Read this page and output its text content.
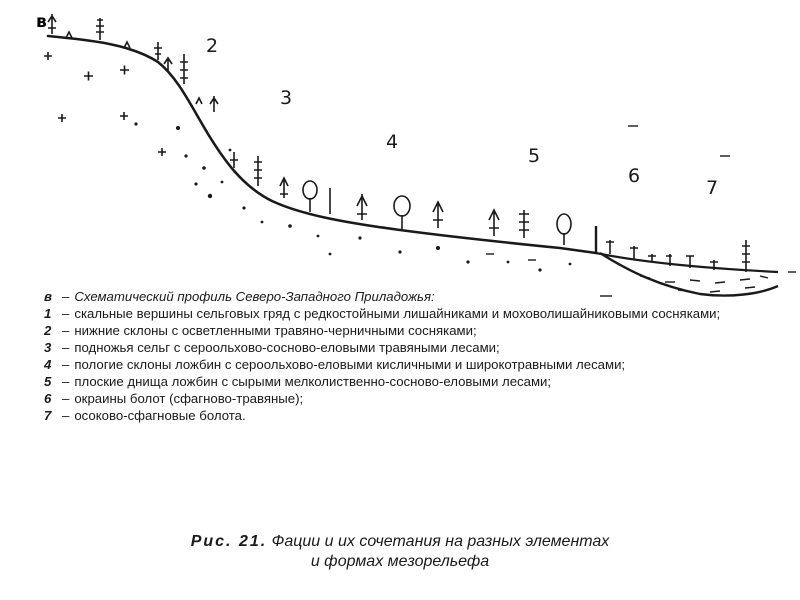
в
2
3
4
5
6
7
в – Схематический профиль Северо-Западного Приладожья:
1 – скальные вершины сельговых гряд с редкостойными лишайниками и моховолишайниковыми сосняками;
2 – нижние склоны с осветленными травяно-черничными сосняками;
3 – подножья сельг с сероольхово-сосново-еловыми травяными лесами;
4 – пологие склоны ложбин с сероольхово-еловыми кисличными и широкотравными лесами;
5 – плоские днища ложбин с сырыми мелколиственно-сосново-еловыми лесами;
6 – окраины болот (сфагново-травяные);
7 – осоково-сфагновые болота.
Рис. 21. Фации и их сочетания на разных элементах
и формах мезорельефа
